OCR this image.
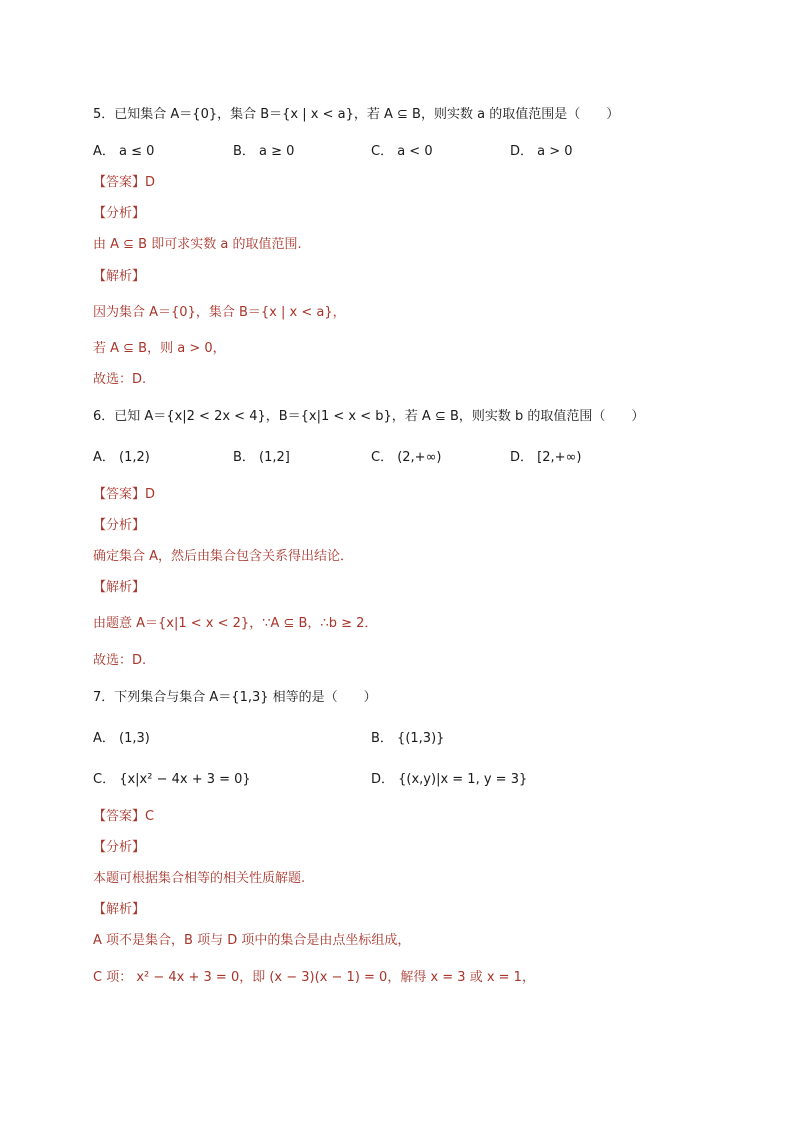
5．已知集合 A＝{0}，集合 B＝{x | x < a}，若 A ⊆ B，则实数 a 的取值范围是（　　）
A． a ≤ 0	B． a ≥ 0	C． a < 0	D． a > 0
【答案】D
【分析】
由 A ⊆ B 即可求实数 a 的取值范围.
【解析】
因为集合 A＝{0}，集合 B＝{x | x < a}，
若 A ⊆ B，则 a > 0，
故选：D.
6．已知 A＝{x|2 < 2x < 4}，B＝{x|1 < x < b}，若 A ⊆ B，则实数 b 的取值范围（　　）
A． (1,2)	B． (1,2]	C． (2,+∞)	D． [2,+∞)
【答案】D
【分析】
确定集合 A，然后由集合包含关系得出结论．
【解析】
由题意 A＝{x|1 < x < 2}，∵A ⊆ B，∴b ≥ 2．
故选：D.
7．下列集合与集合 A＝{1,3} 相等的是（　　）
A． (1,3)	B． {(1,3)}
C． {x|x² − 4x + 3 = 0}	D． {(x,y)|x = 1, y = 3}
【答案】C
【分析】
本题可根据集合相等的相关性质解题.
【解析】
A 项不是集合，B 项与 D 项中的集合是由点坐标组成，
C 项： x² − 4x + 3 = 0，即 (x − 3)(x − 1) = 0，解得 x = 3 或 x = 1，
